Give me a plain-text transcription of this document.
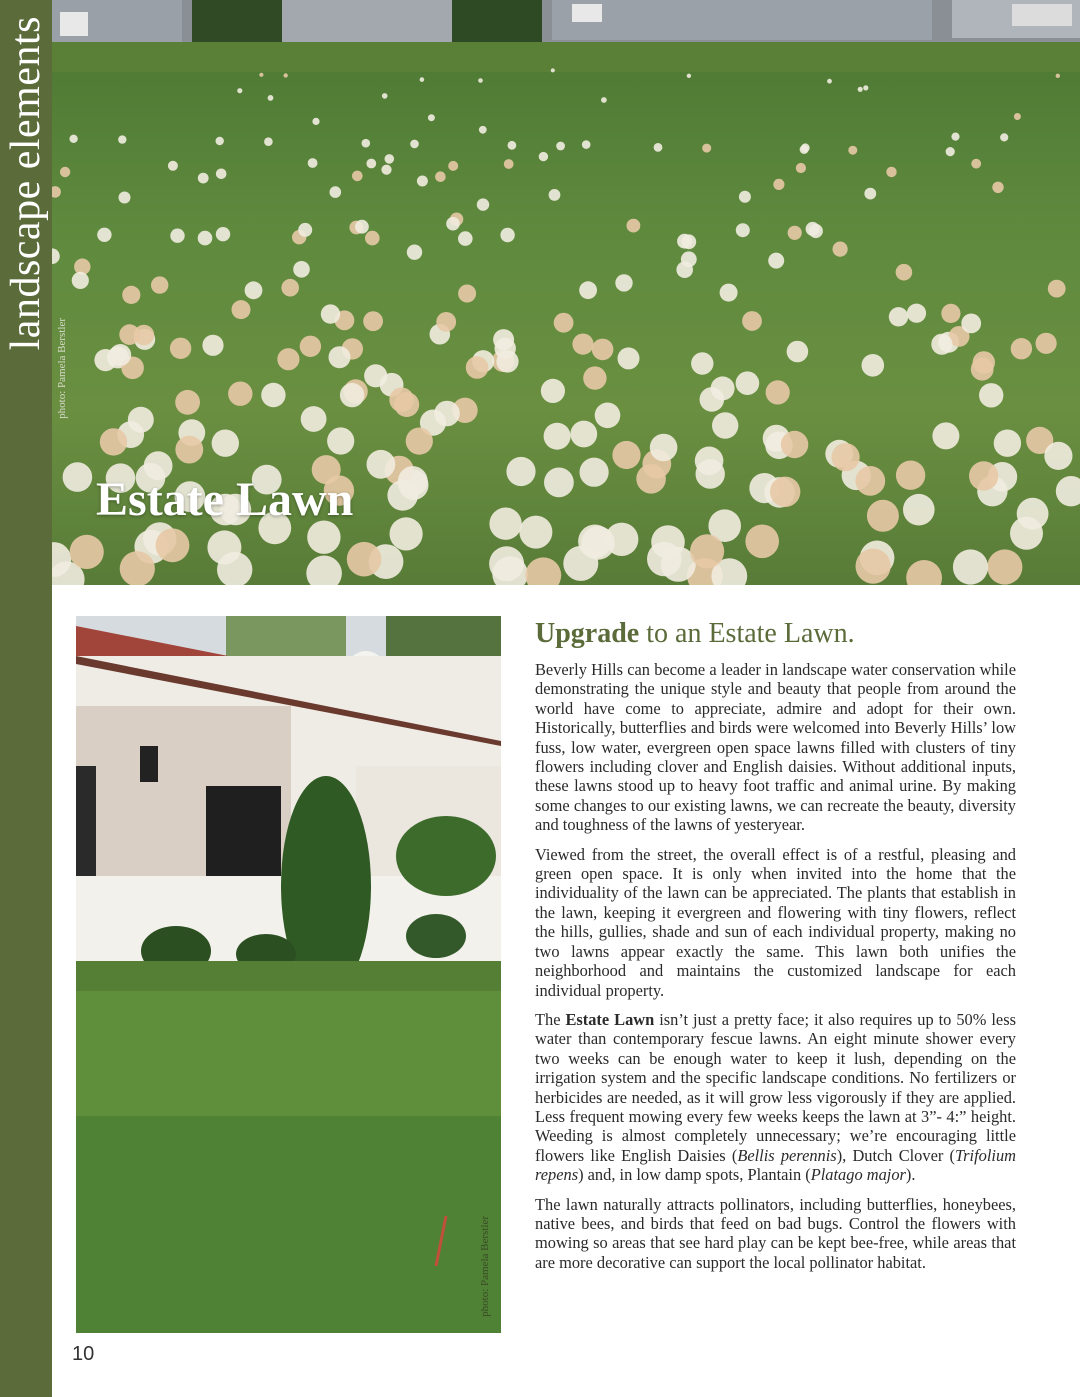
landscape elements
photo: Pamela Berstler
Estate Lawn
photo: Pamela Berstler
Upgrade to an Estate Lawn.

Beverly Hills can become a leader in landscape water conservation while demonstrating the unique style and beauty that people from around the world have come to appreciate, admire and adopt for their own. Historically, butterflies and birds were welcomed into Beverly Hills’ low fuss, low water, evergreen open space lawns filled with clusters of tiny flowers including clover and English daisies. Without additional inputs, these lawns stood up to heavy foot traffic and animal urine. By making some changes to our existing lawns, we can recreate the beauty, diversity and toughness of the lawns of yesteryear.

Viewed from the street, the overall effect is of a restful, pleasing and green open space. It is only when invited into the home that the individuality of the lawn can be appreciated. The plants that establish in the lawn, keeping it evergreen and flowering with tiny flowers, reflect the hills, gullies, shade and sun of each individual property, making no two lawns appear exactly the same. This lawn both unifies the neighborhood and maintains the customized landscape for each individual property.

The Estate Lawn isn’t just a pretty face; it also requires up to 50% less water than contemporary fescue lawns. An eight minute shower every two weeks can be enough water to keep it lush, depending on the irrigation system and the specific landscape conditions. No fertilizers or herbicides are needed, as it will grow less vigorously if they are applied. Less frequent mowing every few weeks keeps the lawn at 3”- 4:” height. Weeding is almost completely unnecessary; we’re encouraging little flowers like English Daisies (Bellis perennis), Dutch Clover (Trifolium repens) and, in low damp spots, Plantain (Platago major).

The lawn naturally attracts pollinators, including butterflies, honeybees, native bees, and birds that feed on bad bugs. Control the flowers with mowing so areas that see hard play can be kept bee-free, while areas that are more decorative can support the local pollinator habitat.

10
